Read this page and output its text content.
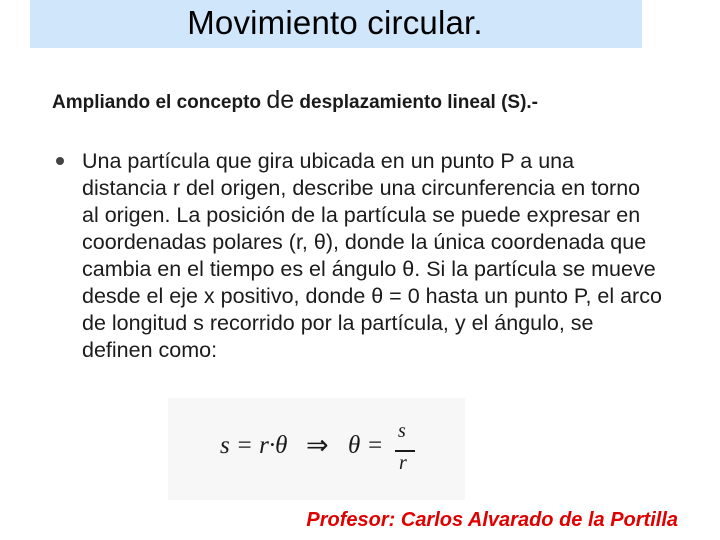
Movimiento circular.
Ampliando el concepto de desplazamiento lineal (S).-
Una partícula que gira ubicada en un punto P a una distancia r del origen, describe una circunferencia en torno al origen. La posición de la partícula se puede expresar en coordenadas polares (r, θ), donde la única coordenada que cambia en el tiempo es el ángulo θ. Si la partícula se mueve desde el eje x positivo, donde θ = 0 hasta un punto P, el arco de longitud s recorrido por la partícula, y el ángulo, se definen como:
s = r·θ ⇒ θ =
s
r
Profesor: Carlos Alvarado de la Portilla
